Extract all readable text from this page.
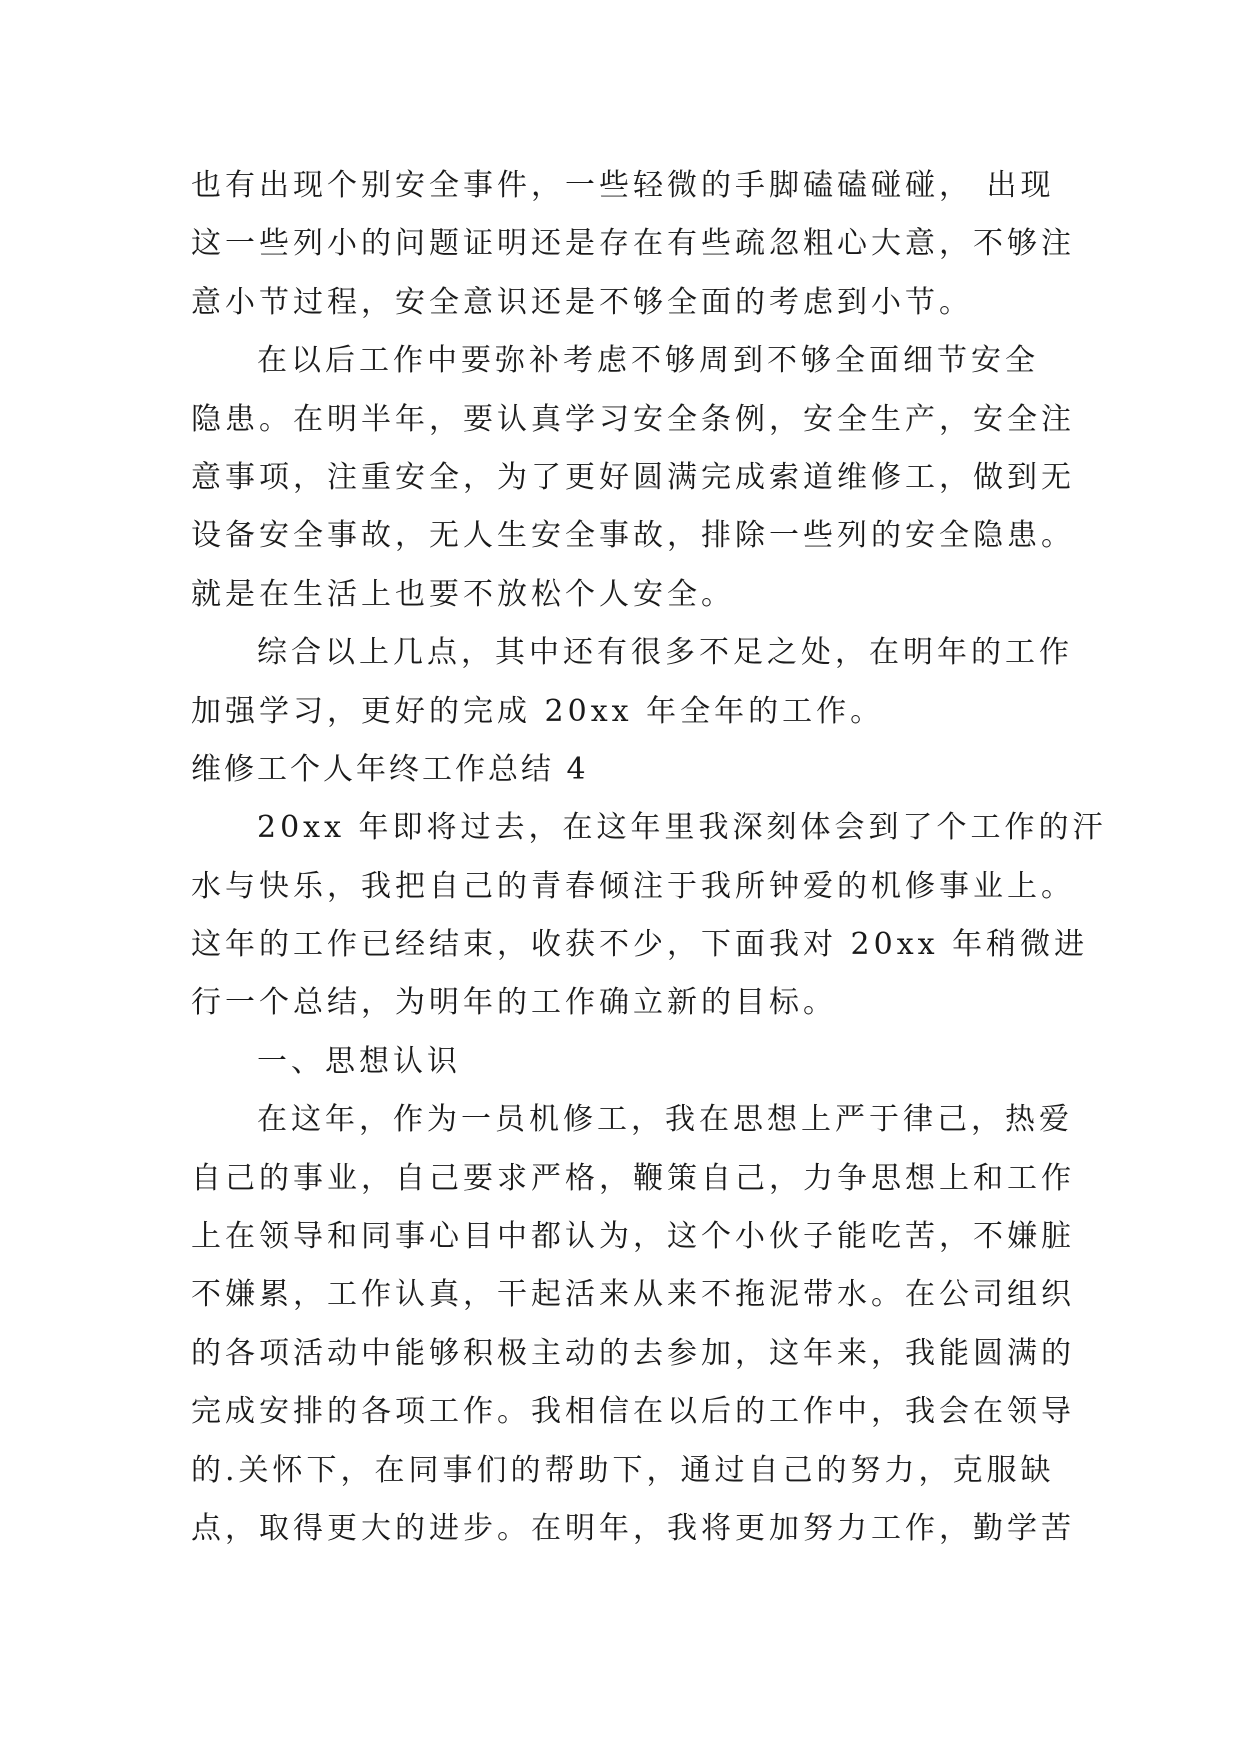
也有出现个别安全事件，一些轻微的手脚磕磕碰碰， 出现
这一些列小的问题证明还是存在有些疏忽粗心大意，不够注
意小节过程，安全意识还是不够全面的考虑到小节。
在以后工作中要弥补考虑不够周到不够全面细节安全
隐患。在明半年，要认真学习安全条例，安全生产，安全注
意事项，注重安全，为了更好圆满完成索道维修工，做到无
设备安全事故，无人生安全事故，排除一些列的安全隐患。
就是在生活上也要不放松个人安全。
综合以上几点，其中还有很多不足之处，在明年的工作
加强学习，更好的完成 20xx 年全年的工作。
维修工个人年终工作总结 4
20xx 年即将过去，在这年里我深刻体会到了个工作的汗
水与快乐，我把自己的青春倾注于我所钟爱的机修事业上。
这年的工作已经结束，收获不少，下面我对 20xx 年稍微进
行一个总结，为明年的工作确立新的目标。
一、思想认识
在这年，作为一员机修工，我在思想上严于律己，热爱
自己的事业，自己要求严格，鞭策自己，力争思想上和工作
上在领导和同事心目中都认为，这个小伙子能吃苦，不嫌脏
不嫌累，工作认真，干起活来从来不拖泥带水。在公司组织
的各项活动中能够积极主动的去参加，这年来，我能圆满的
完成安排的各项工作。我相信在以后的工作中，我会在领导
的.关怀下，在同事们的帮助下，通过自己的努力，克服缺
点，取得更大的进步。在明年，我将更加努力工作，勤学苦
